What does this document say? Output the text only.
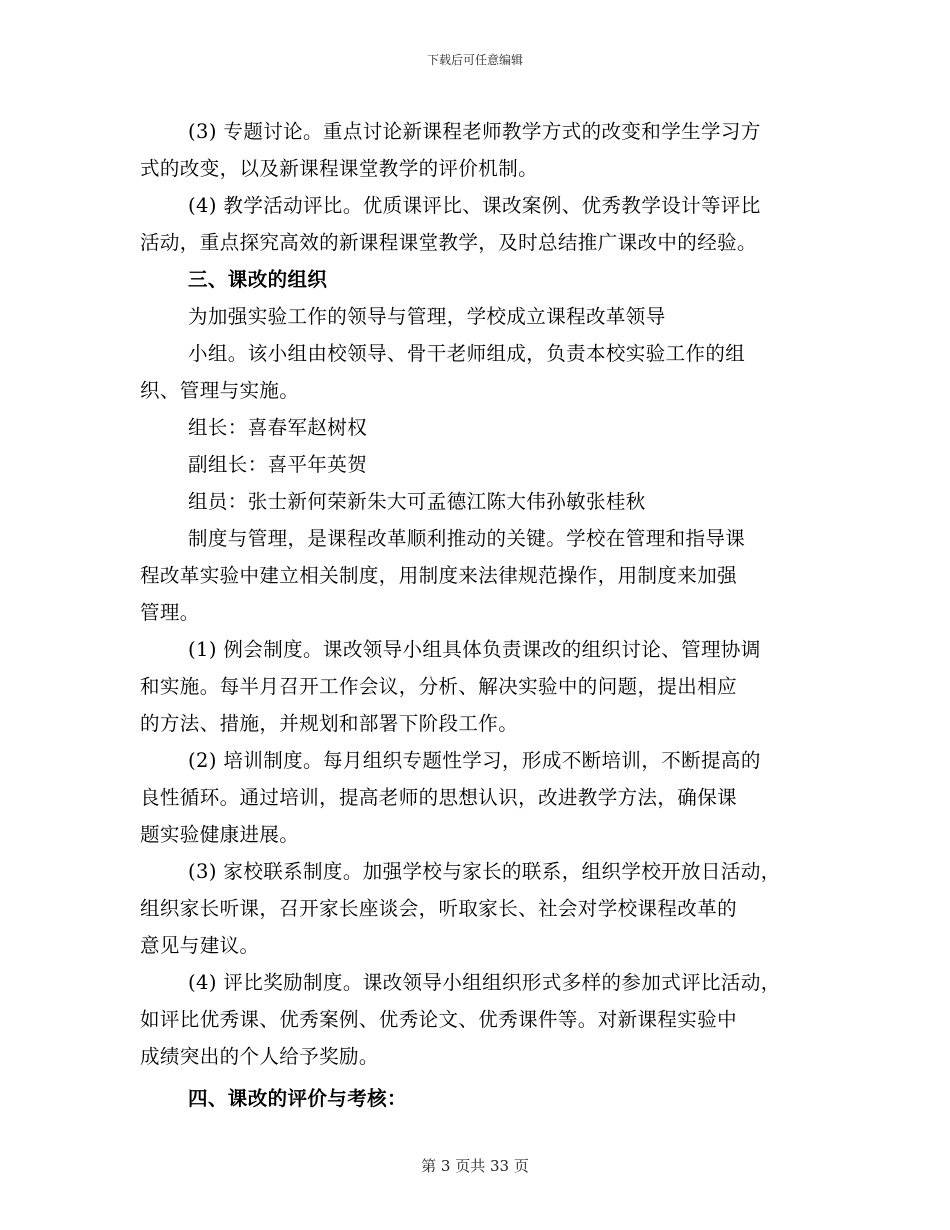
下载后可任意编辑
(3) 专题讨论。重点讨论新课程老师教学方式的改变和学生学习方
式的改变，以及新课程课堂教学的评价机制。
(4) 教学活动评比。优质课评比、课改案例、优秀教学设计等评比
活动，重点探究高效的新课程课堂教学，及时总结推广课改中的经验。
三、课改的组织
为加强实验工作的领导与管理，学校成立课程改革领导
小组。该小组由校领导、骨干老师组成，负责本校实验工作的组
织、管理与实施。
组长：喜春军赵树权
副组长：喜平年英贺
组员：张士新何荣新朱大可孟德江陈大伟孙敏张桂秋
制度与管理，是课程改革顺利推动的关键。学校在管理和指导课
程改革实验中建立相关制度，用制度来法律规范操作，用制度来加强
管理。
(1) 例会制度。课改领导小组具体负责课改的组织讨论、管理协调
和实施。每半月召开工作会议，分析、解决实验中的问题，提出相应
的方法、措施，并规划和部署下阶段工作。
(2) 培训制度。每月组织专题性学习，形成不断培训，不断提高的
良性循环。通过培训，提高老师的思想认识，改进教学方法，确保课
题实验健康进展。
(3) 家校联系制度。加强学校与家长的联系，组织学校开放日活动，
组织家长听课，召开家长座谈会，听取家长、社会对学校课程改革的
意见与建议。
(4) 评比奖励制度。课改领导小组组织形式多样的参加式评比活动，
如评比优秀课、优秀案例、优秀论文、优秀课件等。对新课程实验中
成绩突出的个人给予奖励。
四、课改的评价与考核：
第 3 页共 33 页
